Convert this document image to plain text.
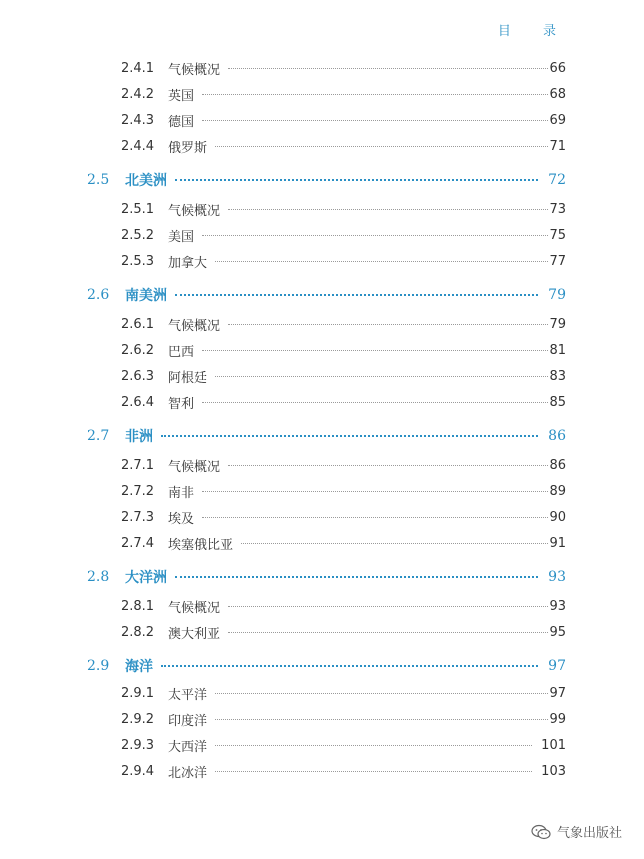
目 录
2.4.1 气候概况	66
2.4.2 英国	68
2.4.3 德国	69
2.4.4 俄罗斯	71
2.5 北美洲	72
2.5.1 气候概况	73
2.5.2 美国	75
2.5.3 加拿大	77
2.6 南美洲	79
2.6.1 气候概况	79
2.6.2 巴西	81
2.6.3 阿根廷	83
2.6.4 智利	85
2.7 非洲	86
2.7.1 气候概况	86
2.7.2 南非	89
2.7.3 埃及	90
2.7.4 埃塞俄比亚	91
2.8 大洋洲	93
2.8.1 气候概况	93
2.8.2 澳大利亚	95
2.9 海洋	97
2.9.1 太平洋	97
2.9.2 印度洋	99
2.9.3 大西洋	101
2.9.4 北冰洋	103
气象出版社
